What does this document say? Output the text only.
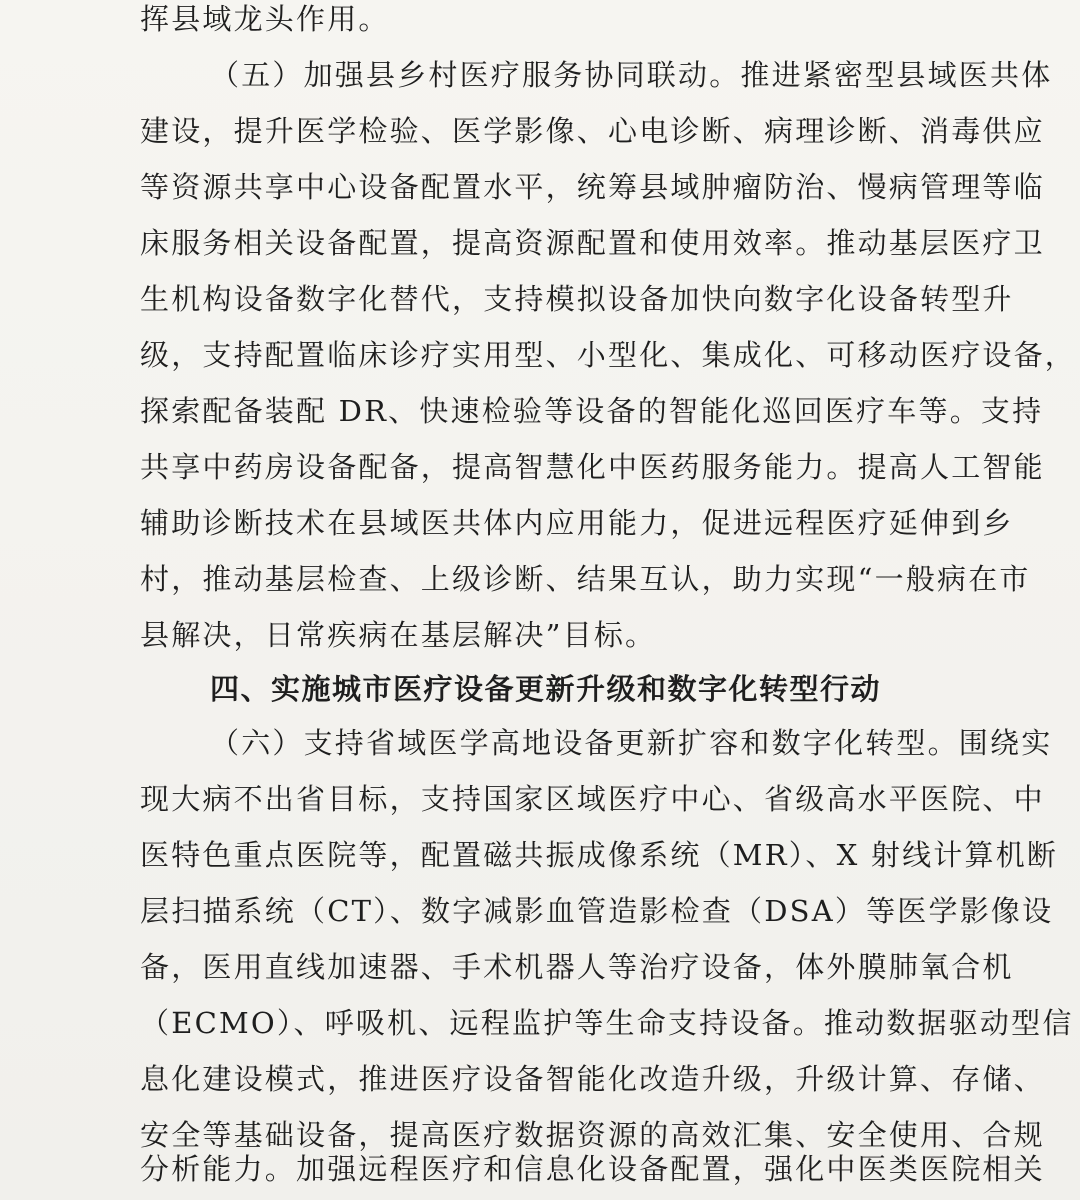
挥县域龙头作用。
（五）加强县乡村医疗服务协同联动。推进紧密型县域医共体
建设，提升医学检验、医学影像、心电诊断、病理诊断、消毒供应
等资源共享中心设备配置水平，统筹县域肿瘤防治、慢病管理等临
床服务相关设备配置，提高资源配置和使用效率。推动基层医疗卫
生机构设备数字化替代，支持模拟设备加快向数字化设备转型升
级，支持配置临床诊疗实用型、小型化、集成化、可移动医疗设备，
探索配备装配 DR、快速检验等设备的智能化巡回医疗车等。支持
共享中药房设备配备，提高智慧化中医药服务能力。提高人工智能
辅助诊断技术在县域医共体内应用能力，促进远程医疗延伸到乡
村，推动基层检查、上级诊断、结果互认，助力实现“一般病在市
县解决，日常疾病在基层解决”目标。
四、实施城市医疗设备更新升级和数字化转型行动
（六）支持省域医学高地设备更新扩容和数字化转型。围绕实
现大病不出省目标，支持国家区域医疗中心、省级高水平医院、中
医特色重点医院等，配置磁共振成像系统（MR）、X 射线计算机断
层扫描系统（CT）、数字减影血管造影检查（DSA）等医学影像设
备，医用直线加速器、手术机器人等治疗设备，体外膜肺氧合机
（ECMO）、呼吸机、远程监护等生命支持设备。推动数据驱动型信
息化建设模式，推进医疗设备智能化改造升级，升级计算、存储、
安全等基础设备，提高医疗数据资源的高效汇集、安全使用、合规
分析能力。加强远程医疗和信息化设备配置，强化中医类医院相关
